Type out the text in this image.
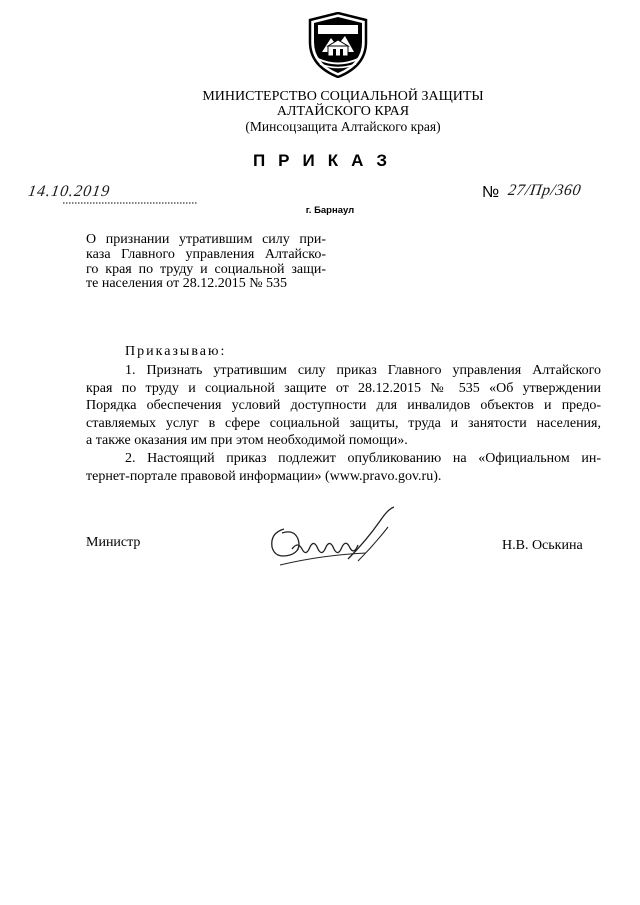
МИНИСТЕРСТВО СОЦИАЛЬНОЙ ЗАЩИТЫ
АЛТАЙСКОГО КРАЯ
(Минсоцзащита Алтайского края)
ПРИКАЗ
14.10.2019	№ 27/Пр/360
г. Барнаул
О признании утратившим силу при-
каза Главного управления Алтайско-
го края по труду и социальной защи-
те населения от 28.12.2015 № 535
Приказываю:
1. Признать утратившим силу приказ Главного управления Алтайского
края по труду и социальной защите от 28.12.2015 № 535 «Об утверждении
Порядка обеспечения условий доступности для инвалидов объектов и предо-
ставляемых услуг в сфере социальной защиты, труда и занятости населения,
а также оказания им при этом необходимой помощи».
2. Настоящий приказ подлежит опубликованию на «Официальном ин-
тернет-портале правовой информации» (www.pravo.gov.ru).
Министр	Н.В. Оськина
